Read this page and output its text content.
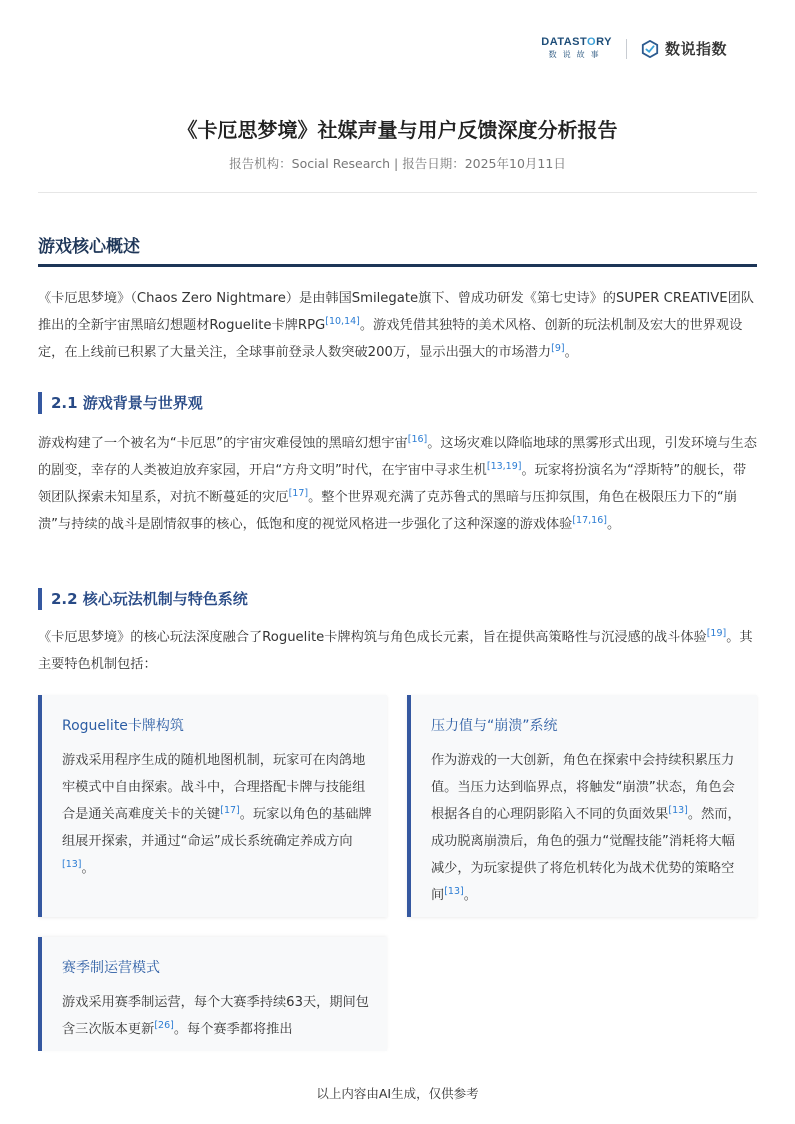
DATASTORY
数说故事	数说指数
《卡厄思梦境》社媒声量与用户反馈深度分析报告
报告机构：Social Research | 报告日期：2025年10月11日
游戏核心概述

《卡厄思梦境》（Chaos Zero Nightmare）是由韩国Smilegate旗下、曾成功研发《第七史诗》的SUPER CREATIVE团队推出的全新宇宙黑暗幻想题材Roguelite卡牌RPG[10,14]。游戏凭借其独特的美术风格、创新的玩法机制及宏大的世界观设定，在上线前已积累了大量关注，全球事前登录人数突破200万，显示出强大的市场潜力[9]。

2.1 游戏背景与世界观

游戏构建了一个被名为“卡厄思”的宇宙灾难侵蚀的黑暗幻想宇宙[16]。这场灾难以降临地球的黑雾形式出现，引发环境与生态的剧变，幸存的人类被迫放弃家园，开启“方舟文明”时代，在宇宙中寻求生机[13,19]。玩家将扮演名为“浮斯特”的舰长，带领团队探索未知星系，对抗不断蔓延的灾厄[17]。整个世界观充满了克苏鲁式的黑暗与压抑氛围，角色在极限压力下的“崩溃”与持续的战斗是剧情叙事的核心，低饱和度的视觉风格进一步强化了这种深邃的游戏体验[17,16]。

2.2 核心玩法机制与特色系统

《卡厄思梦境》的核心玩法深度融合了Roguelite卡牌构筑与角色成长元素，旨在提供高策略性与沉浸感的战斗体验[19]。其主要特色机制包括：

Roguelite卡牌构筑

游戏采用程序生成的随机地图机制，玩家可在肉鸽地牢模式中自由探索。战斗中，合理搭配卡牌与技能组合是通关高难度关卡的关键[17]。玩家以角色的基础牌组展开探索，并通过“命运”成长系统确定养成方向[13]。

压力值与“崩溃”系统

作为游戏的一大创新，角色在探索中会持续积累压力值。当压力达到临界点，将触发“崩溃”状态，角色会根据各自的心理阴影陷入不同的负面效果[13]。然而，成功脱离崩溃后，角色的强力“觉醒技能”消耗将大幅减少，为玩家提供了将危机转化为战术优势的策略空间[13]。

赛季制运营模式

游戏采用赛季制运营，每个大赛季持续63天，期间包含三次版本更新[26]。每个赛季都将推出

以上内容由AI生成，仅供参考
